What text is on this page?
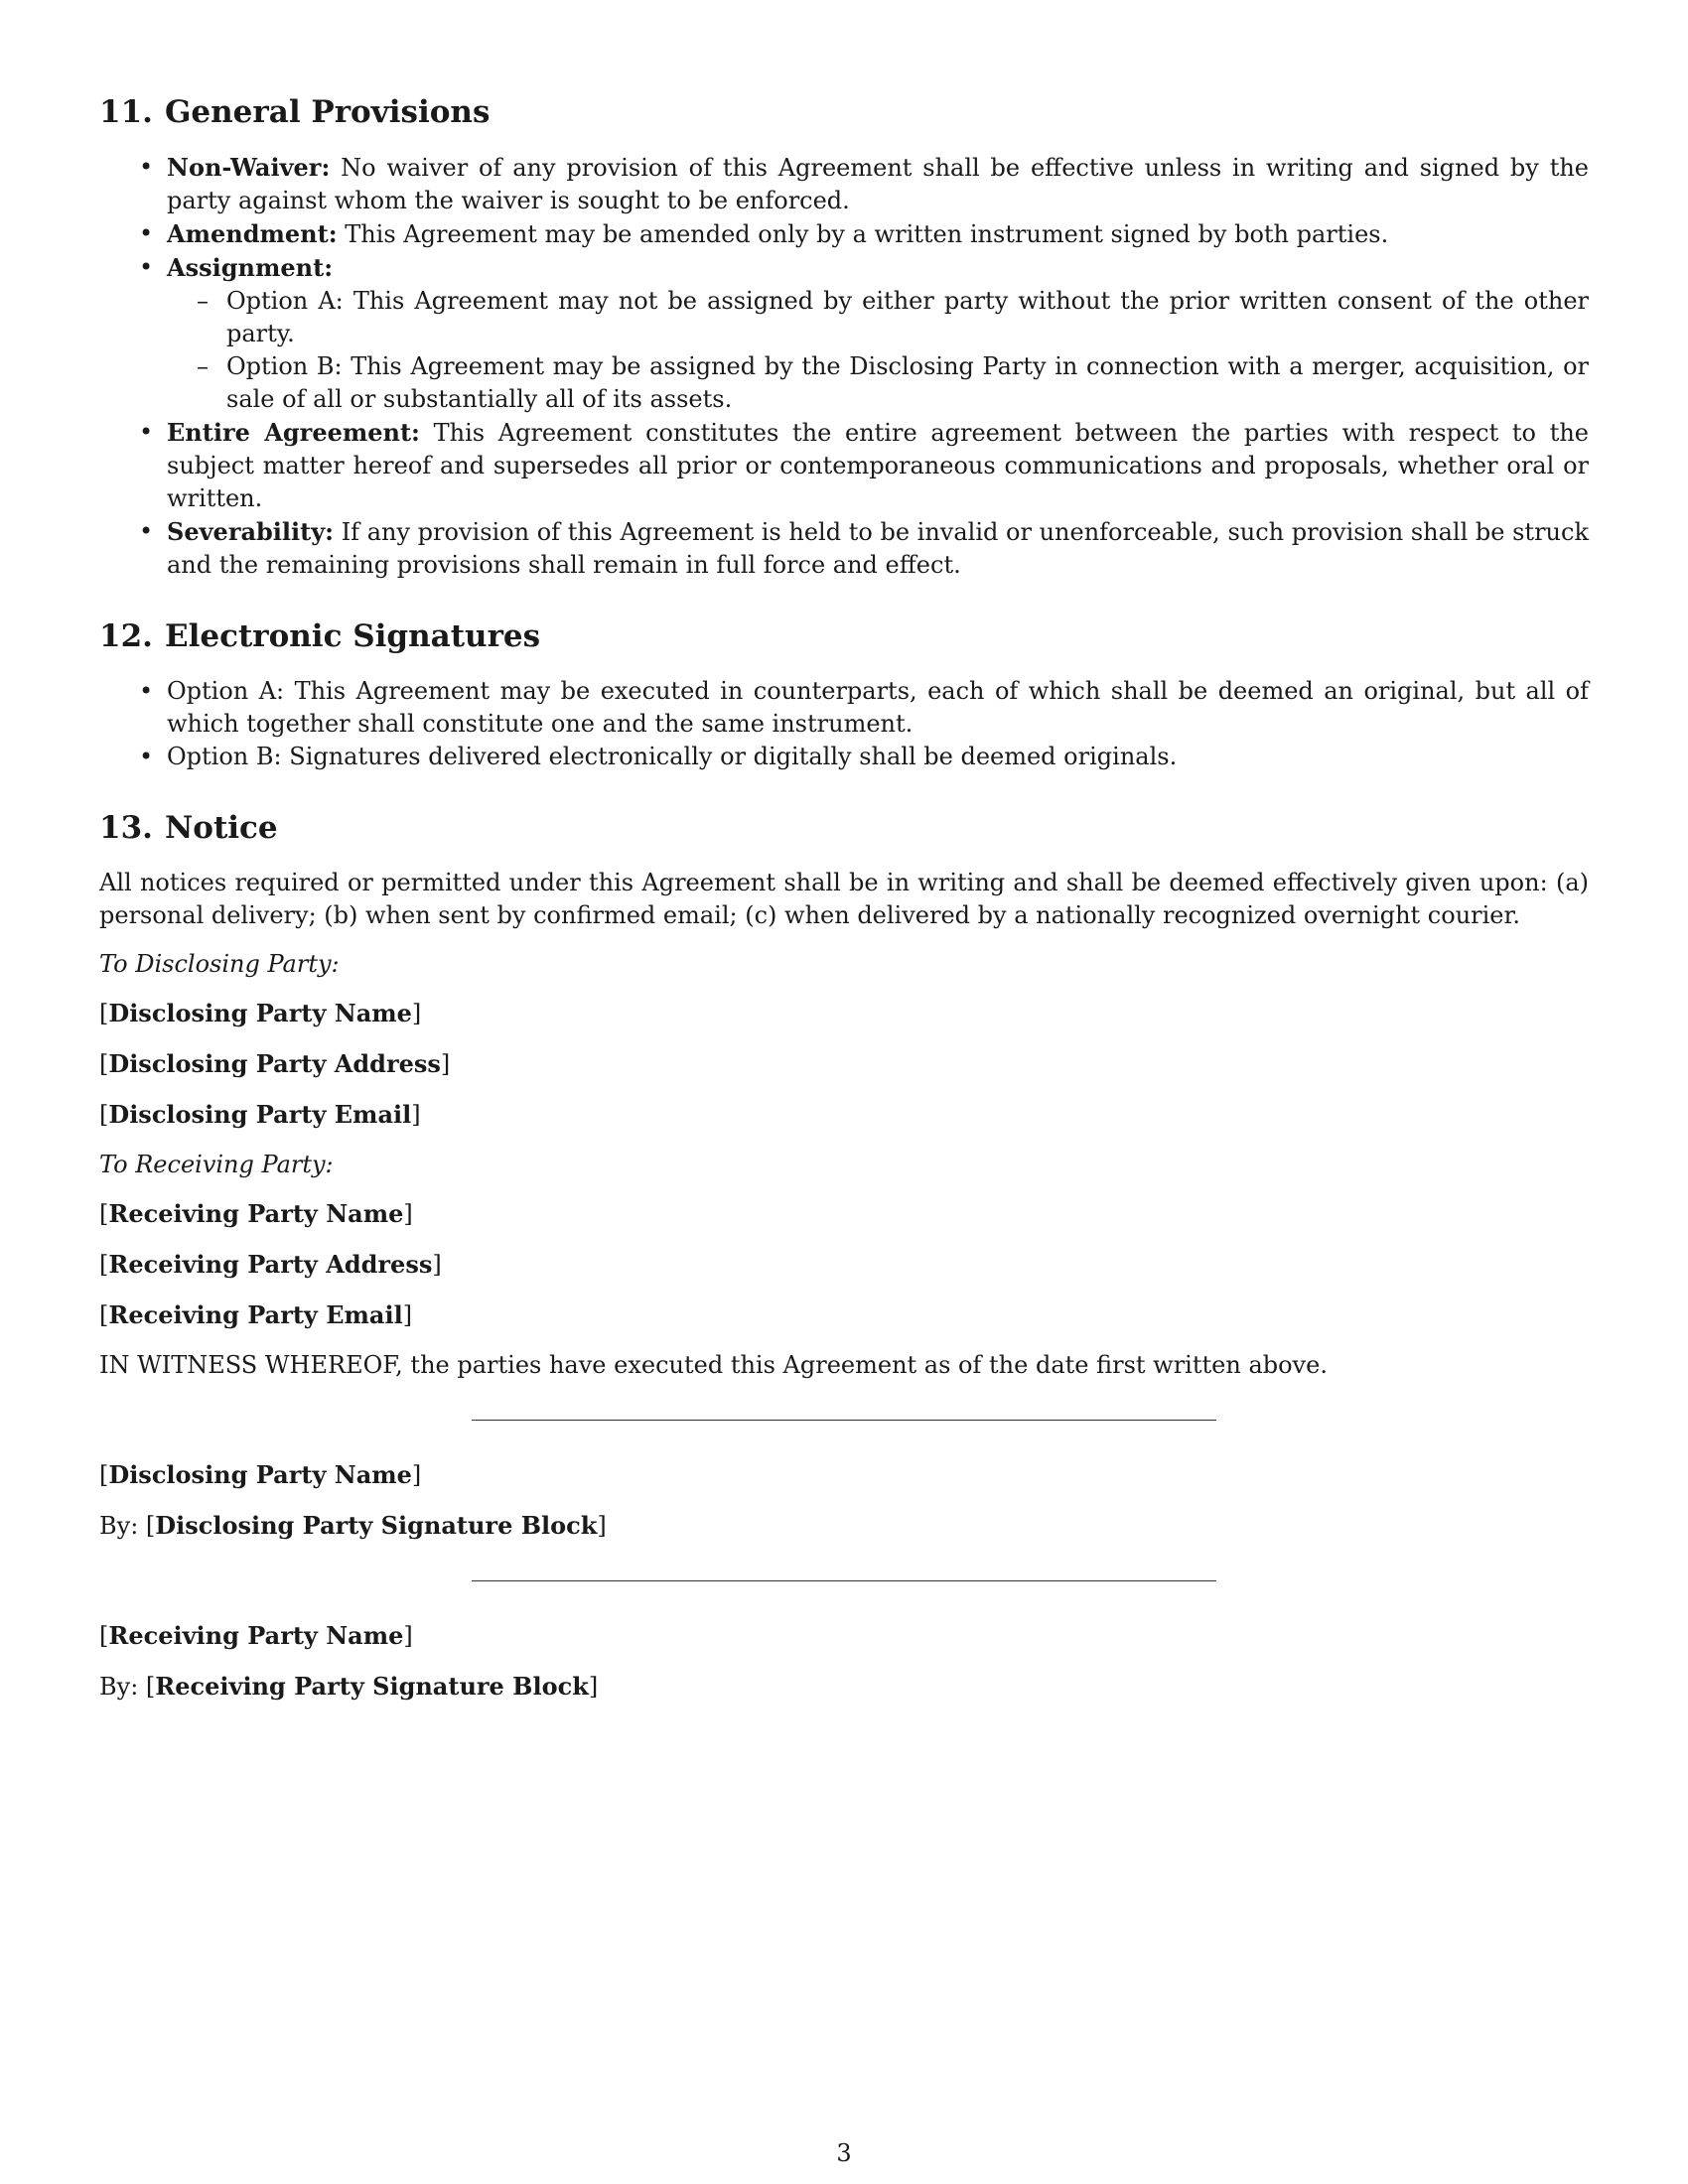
11. General Provisions
• Non-Waiver: No waiver of any provision of this Agreement shall be effective unless in writing and signed by the party against whom the waiver is sought to be enforced.
• Amendment: This Agreement may be amended only by a written instrument signed by both parties.
• Assignment:
– Option A: This Agreement may not be assigned by either party without the prior written consent of the other party.
– Option B: This Agreement may be assigned by the Disclosing Party in connection with a merger, acquisition, or sale of all or substantially all of its assets.
• Entire Agreement: This Agreement constitutes the entire agreement between the parties with respect to the subject matter hereof and supersedes all prior or contemporaneous communications and proposals, whether oral or written.
• Severability: If any provision of this Agreement is held to be invalid or unenforceable, such provision shall be struck and the remaining provisions shall remain in full force and effect.
12. Electronic Signatures
• Option A: This Agreement may be executed in counterparts, each of which shall be deemed an original, but all of which together shall constitute one and the same instrument.
• Option B: Signatures delivered electronically or digitally shall be deemed originals.
13. Notice

All notices required or permitted under this Agreement shall be in writing and shall be deemed effectively given upon: (a) personal delivery; (b) when sent by confirmed email; (c) when delivered by a nationally recognized overnight courier.

To Disclosing Party:

[Disclosing Party Name]

[Disclosing Party Address]

[Disclosing Party Email]

To Receiving Party:

[Receiving Party Name]

[Receiving Party Address]

[Receiving Party Email]

IN WITNESS WHEREOF, the parties have executed this Agreement as of the date first written above.

[Disclosing Party Name]

By: [Disclosing Party Signature Block]

[Receiving Party Name]

By: [Receiving Party Signature Block]

3
